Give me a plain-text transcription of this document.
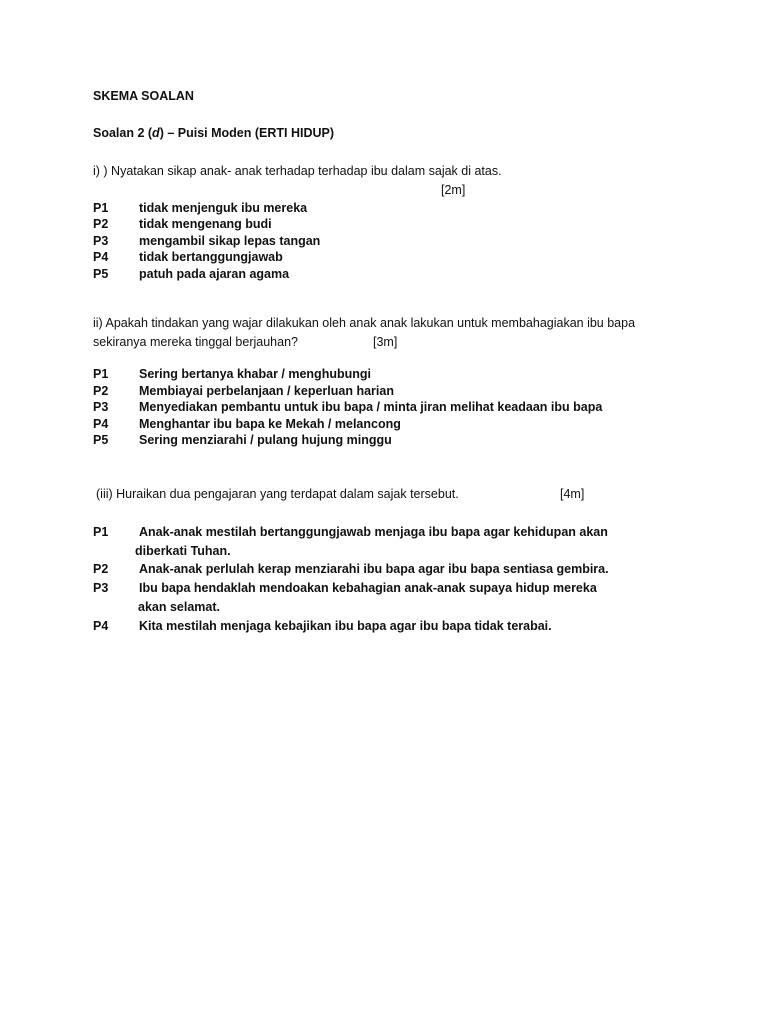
SKEMA SOALAN
Soalan 2 (d) – Puisi Moden (ERTI HIDUP)
i) ) Nyatakan sikap anak- anak terhadap terhadap ibu dalam sajak di atas.
[2m]
P1 tidak menjenguk ibu mereka
P2 tidak mengenang budi
P3 mengambil sikap lepas tangan
P4 tidak bertanggungjawab
P5 patuh pada ajaran agama
ii) Apakah tindakan yang wajar dilakukan oleh anak anak lakukan untuk membahagiakan ibu bapa
sekiranya mereka tinggal berjauhan?	[3m]
P1 Sering bertanya khabar / menghubungi
P2 Membiayai perbelanjaan / keperluan harian
P3 Menyediakan pembantu untuk ibu bapa / minta jiran melihat keadaan ibu bapa
P4 Menghantar ibu bapa ke Mekah / melancong
P5 Sering menziarahi / pulang hujung minggu
(iii) Huraikan dua pengajaran yang terdapat dalam sajak tersebut.	[4m]
P1 Anak-anak mestilah bertanggungjawab menjaga ibu bapa agar kehidupan akan
diberkati Tuhan.
P2 Anak-anak perlulah kerap menziarahi ibu bapa agar ibu bapa sentiasa gembira.
P3 Ibu bapa hendaklah mendoakan kebahagian anak-anak supaya hidup mereka
akan selamat.
P4 Kita mestilah menjaga kebajikan ibu bapa agar ibu bapa tidak terabai.
